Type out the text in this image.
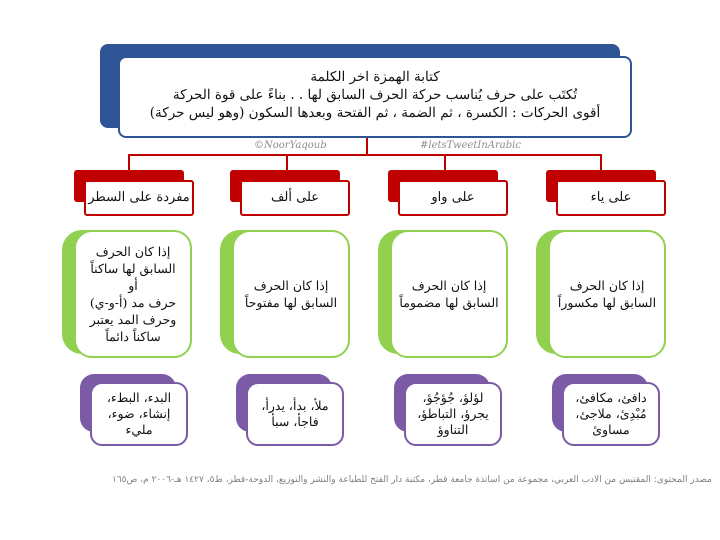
كتابة الهمزة اخر الكلمة
تُكتَب على حرف يُناسب حركة الحرف السابق لها . . بناءً على قوة الحركة
أقوى الحركات : الكسرة ، ثم الضمة ، ثم الفتحة وبعدها السكون (وهو ليس حركة)
©NoorYaqoub	#letsTweetInArabic
مفردة على السطر
إذا كان الحرف
السابق لها ساكناً
أو
حرف مد (أ-و-ي)
وحرف المد يعتبر
ساكناً دائماً
البدء، البطء،
إنشاء، ضوء،
مليء
على ألف
إذا كان الحرف
السابق لها مفتوحاً
ملأ، بدأ، يدرأ،
فاجأ، سبأ
على واو
إذا كان الحرف
السابق لها مضموماً
لؤلؤ، جُؤجُؤ،
يجرؤ، التباطؤ،
التناوؤ
على ياء
إذا كان الحرف
السابق لها مكسوراً
دافئ، مكافئ،
مُبْدِئ، ملاجئ،
مساوئ
مصدر المحتوى: المقتبس من الأدب العربي، مجموعة من أساتذة جامعة قطر، مكتبة دار الفتح للطباعة والنشر والتوزيع، الدوحة-قطر، ط٥، ١٤٢٧ هـ-٢٠٠٦ م، ص١٦٥
